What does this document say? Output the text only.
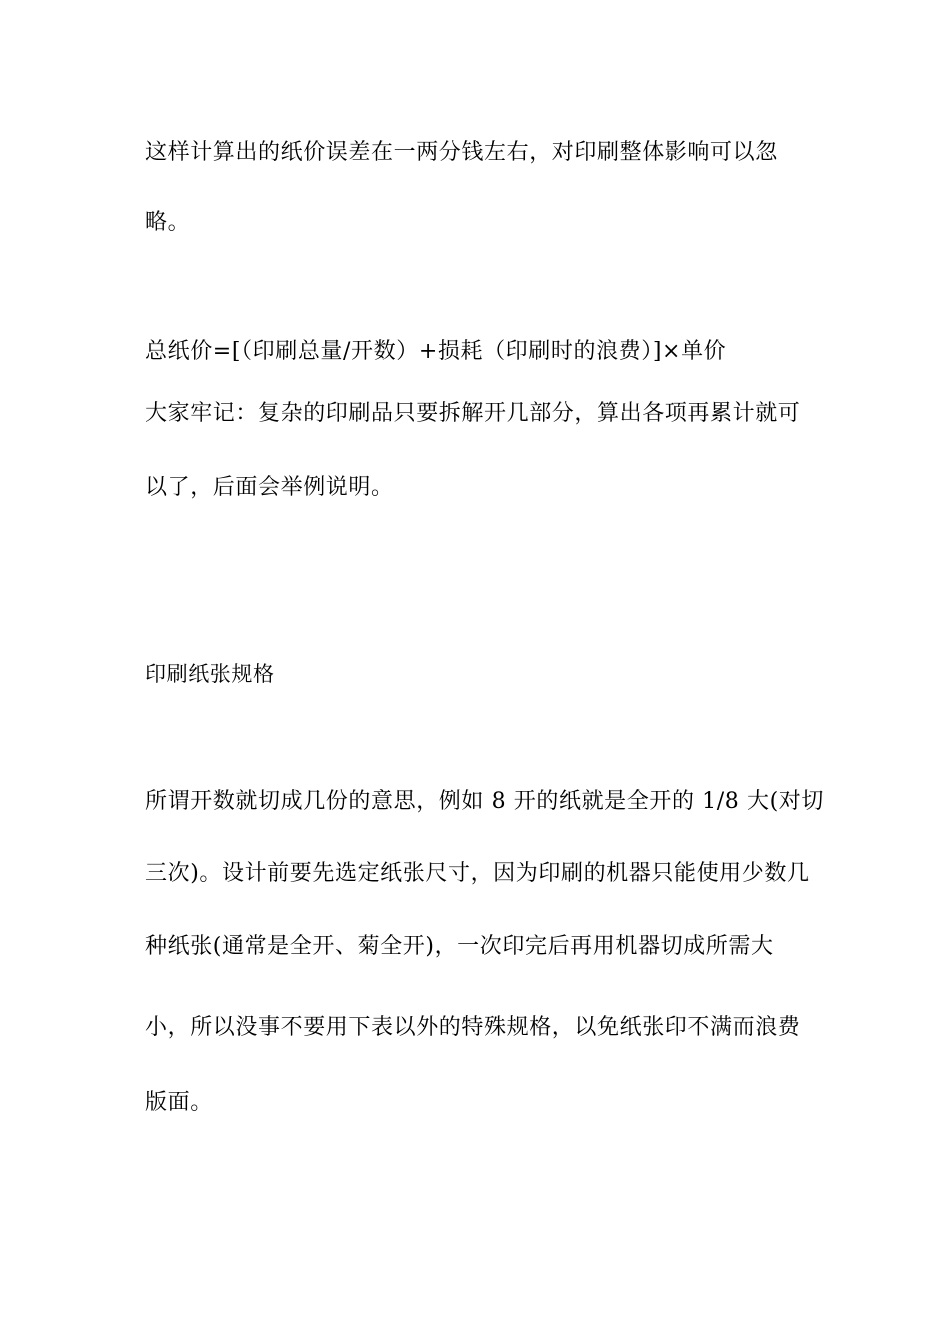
这样计算出的纸价误差在一两分钱左右，对印刷整体影响可以忽

略。

总纸价=[（印刷总量/开数）+损耗（印刷时的浪费）]×单价

大家牢记：复杂的印刷品只要拆解开几部分，算出各项再累计就可

以了，后面会举例说明。

印刷纸张规格

所谓开数就切成几份的意思，例如 8 开的纸就是全开的 1/8 大(对切

三次)。设计前要先选定纸张尺寸，因为印刷的机器只能使用少数几

种纸张(通常是全开、菊全开)，一次印完后再用机器切成所需大

小，所以没事不要用下表以外的特殊规格，以免纸张印不满而浪费

版面。
